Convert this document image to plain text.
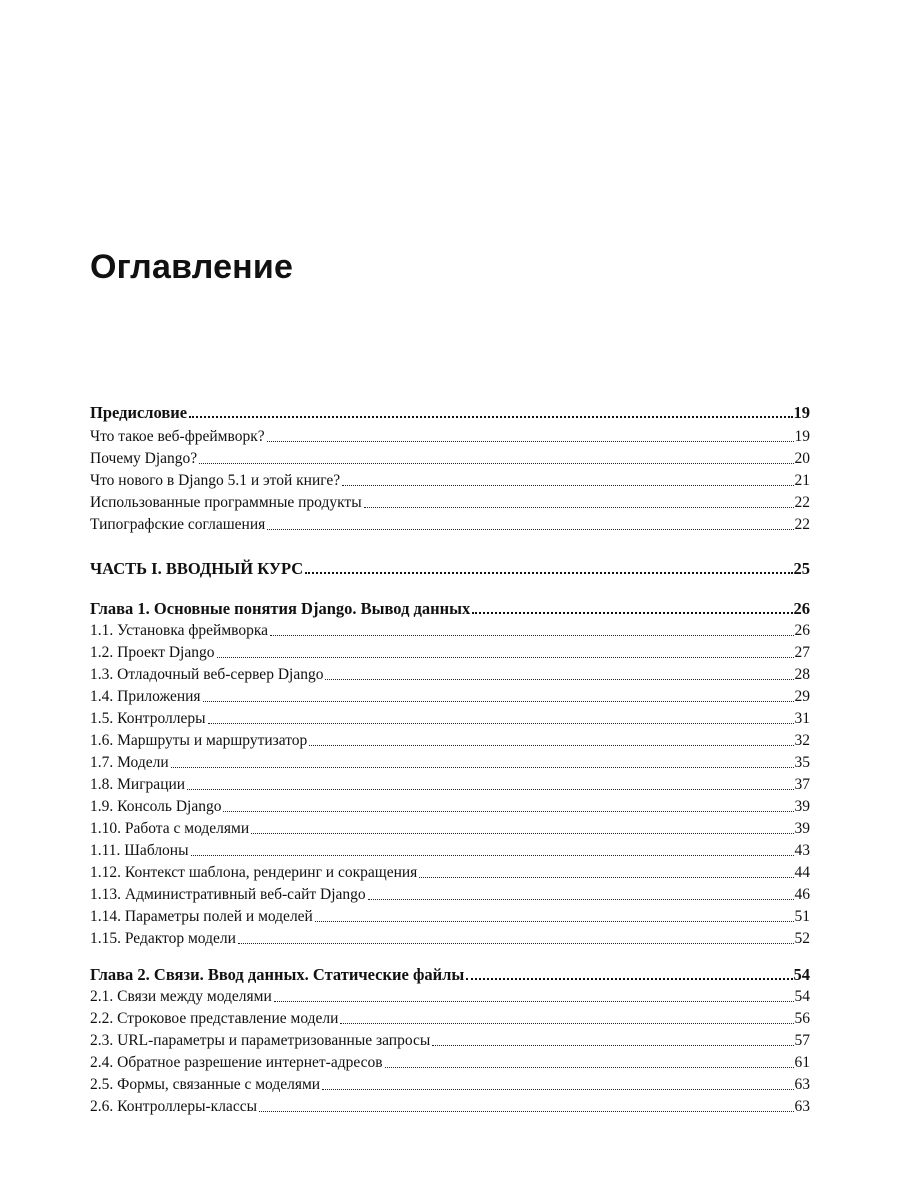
Оглавление
Предисловие	19
Что такое веб-фреймворк?	19
Почему Django?	20
Что нового в Django 5.1 и этой книге?	21
Использованные программные продукты	22
Типографские соглашения	22
ЧАСТЬ I. ВВОДНЫЙ КУРС	25
Глава 1. Основные понятия Django. Вывод данных	26
1.1. Установка фреймворка	26
1.2. Проект Django	27
1.3. Отладочный веб-сервер Django	28
1.4. Приложения	29
1.5. Контроллеры	31
1.6. Маршруты и маршрутизатор	32
1.7. Модели	35
1.8. Миграции	37
1.9. Консоль Django	39
1.10. Работа с моделями	39
1.11. Шаблоны	43
1.12. Контекст шаблона, рендеринг и сокращения	44
1.13. Административный веб-сайт Django	46
1.14. Параметры полей и моделей	51
1.15. Редактор модели	52
Глава 2. Связи. Ввод данных. Статические файлы	54
2.1. Связи между моделями	54
2.2. Строковое представление модели	56
2.3. URL-параметры и параметризованные запросы	57
2.4. Обратное разрешение интернет-адресов	61
2.5. Формы, связанные с моделями	63
2.6. Контроллеры-классы	63
